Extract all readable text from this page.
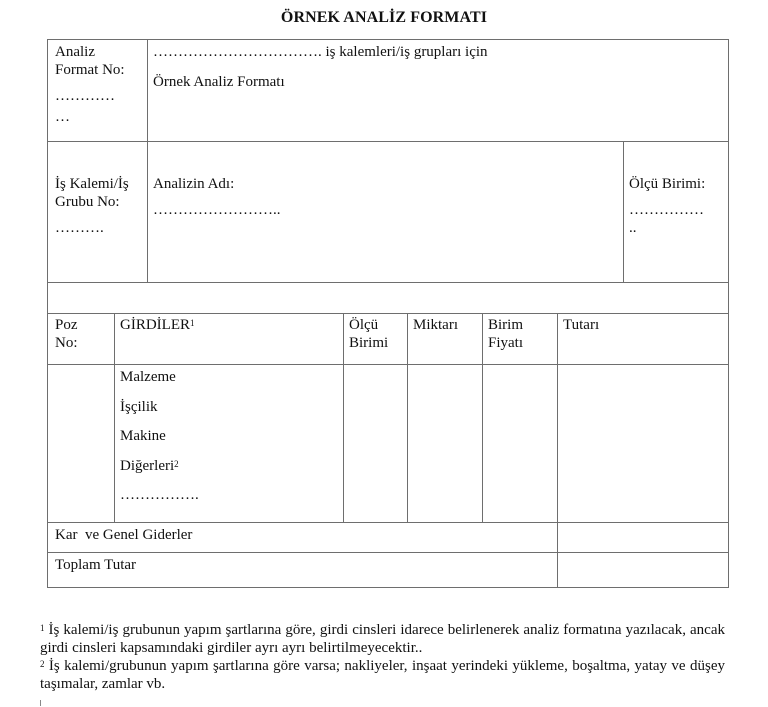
ÖRNEK ANALİZ FORMATI
Analiz
Format No:
…………
…
……………………………. iş kalemleri/iş grupları için
Örnek Analiz Formatı
İş Kalemi/İş
Grubu No:
……….
Analizin Adı:
……………………..
Ölçü Birimi:
……………
..
Poz
No:
GİRDİLER$^1$	Ölçü
Birimi
Miktarı	Birim
Fiyatı
Tutarı
Malzeme
İşçilik
Makine
Diğerleri$^2$
…………….
Kar  ve Genel Giderler
Toplam Tutar
$^1$ İş kalemi/iş grubunun yapım şartlarına göre, girdi cinsleri idarece belirlenerek analiz formatına yazılacak, ancak girdi cinsleri kapsamındaki girdiler ayrı ayrı belirtilmeyecektir..
$^2$ İş kalemi/grubunun yapım şartlarına göre varsa; nakliyeler, inşaat yerindeki yükleme, boşaltma, yatay ve düşey taşımalar, zamlar vb.
